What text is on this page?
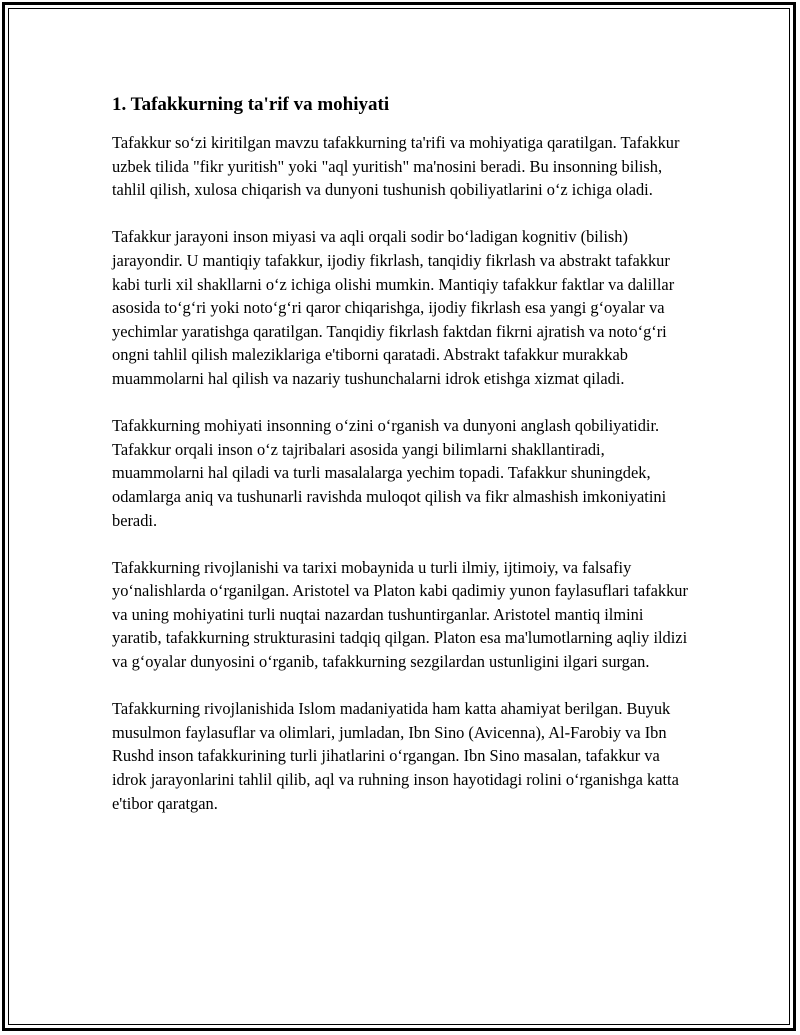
1. Tafakkurning ta'rif va mohiyati

Tafakkur so‘zi kiritilgan mavzu tafakkurning ta'rifi va mohiyatiga qaratilgan. Tafakkur uzbek tilida "fikr yuritish" yoki "aql yuritish" ma'nosini beradi. Bu insonning bilish, tahlil qilish, xulosa chiqarish va dunyoni tushunish qobiliyatlarini o‘z ichiga oladi.

Tafakkur jarayoni inson miyasi va aqli orqali sodir bo‘ladigan kognitiv (bilish) jarayondir. U mantiqiy tafakkur, ijodiy fikrlash, tanqidiy fikrlash va abstrakt tafakkur kabi turli xil shakllarni o‘z ichiga olishi mumkin. Mantiqiy tafakkur faktlar va dalillar asosida to‘g‘ri yoki noto‘g‘ri qaror chiqarishga, ijodiy fikrlash esa yangi g‘oyalar va yechimlar yaratishga qaratilgan. Tanqidiy fikrlash faktdan fikrni ajratish va noto‘g‘ri ongni tahlil qilish maleziklariga e'tiborni qaratadi. Abstrakt tafakkur murakkab muammolarni hal qilish va nazariy tushunchalarni idrok etishga xizmat qiladi.

Tafakkurning mohiyati insonning o‘zini o‘rganish va dunyoni anglash qobiliyatidir. Tafakkur orqali inson o‘z tajribalari asosida yangi bilimlarni shakllantiradi, muammolarni hal qiladi va turli masalalarga yechim topadi. Tafakkur shuningdek, odamlarga aniq va tushunarli ravishda muloqot qilish va fikr almashish imkoniyatini beradi.

Tafakkurning rivojlanishi va tarixi mobaynida u turli ilmiy, ijtimoiy, va falsafiy yo‘nalishlarda o‘rganilgan. Aristotel va Platon kabi qadimiy yunon faylasuflari tafakkur va uning mohiyatini turli nuqtai nazardan tushuntirganlar. Aristotel mantiq ilmini yaratib, tafakkurning strukturasini tadqiq qilgan. Platon esa ma'lumotlarning aqliy ildizi va g‘oyalar dunyosini o‘rganib, tafakkurning sezgilardan ustunligini ilgari surgan.

Tafakkurning rivojlanishida Islom madaniyatida ham katta ahamiyat berilgan. Buyuk musulmon faylasuflar va olimlari, jumladan, Ibn Sino (Avicenna), Al-Farobiy va Ibn Rushd inson tafakkurining turli jihatlarini o‘rgangan. Ibn Sino masalan, tafakkur va idrok jarayonlarini tahlil qilib, aql va ruhning inson hayotidagi rolini o‘rganishga katta e'tibor qaratgan.
